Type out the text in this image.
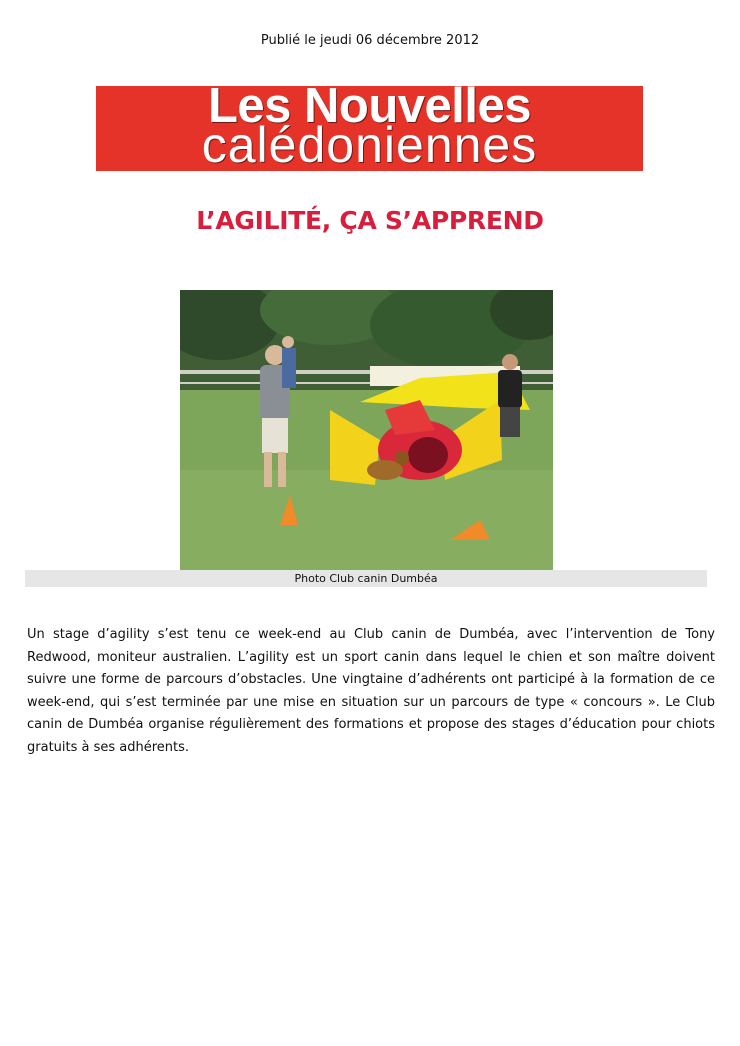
Publié le jeudi 06 décembre 2012
Les Nouvelles
calédoniennes
L’AGILITÉ, ÇA S’APPREND
Photo Club canin Dumbéa

Un stage d’agility s’est tenu ce week-end au Club canin de Dumbéa, avec l’intervention de Tony Redwood, moniteur australien. L’agility est un sport canin dans lequel le chien et son maître doivent suivre une forme de parcours d’obstacles. Une vingtaine d’adhérents ont participé à la formation de ce week-end, qui s’est terminée par une mise en situation sur un parcours de type « concours ». Le Club canin de Dumbéa organise régulièrement des formations et propose des stages d’éducation pour chiots gratuits à ses adhérents.
